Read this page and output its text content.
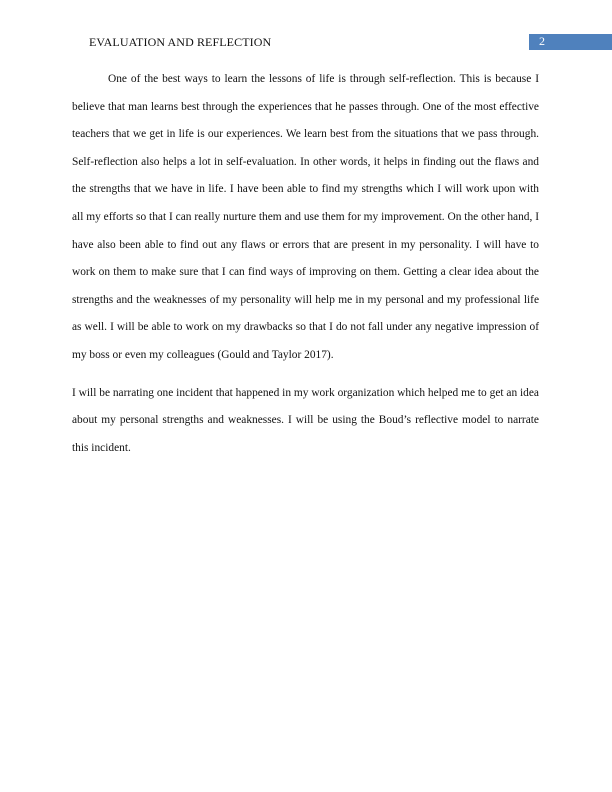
EVALUATION AND REFLECTION	2

One of the best ways to learn the lessons of life is through self-reflection. This is because I believe that man learns best through the experiences that he passes through. One of the most effective teachers that we get in life is our experiences. We learn best from the situations that we pass through. Self-reflection also helps a lot in self-evaluation. In other words, it helps in finding out the flaws and the strengths that we have in life. I have been able to find my strengths which I will work upon with all my efforts so that I can really nurture them and use them for my improvement. On the other hand, I have also been able to find out any flaws or errors that are present in my personality. I will have to work on them to make sure that I can find ways of improving on them. Getting a clear idea about the strengths and the weaknesses of my personality will help me in my personal and my professional life as well. I will be able to work on my drawbacks so that I do not fall under any negative impression of my boss or even my colleagues (Gould and Taylor 2017).

I will be narrating one incident that happened in my work organization which helped me to get an idea about my personal strengths and weaknesses. I will be using the Boud’s reflective model to narrate this incident.
